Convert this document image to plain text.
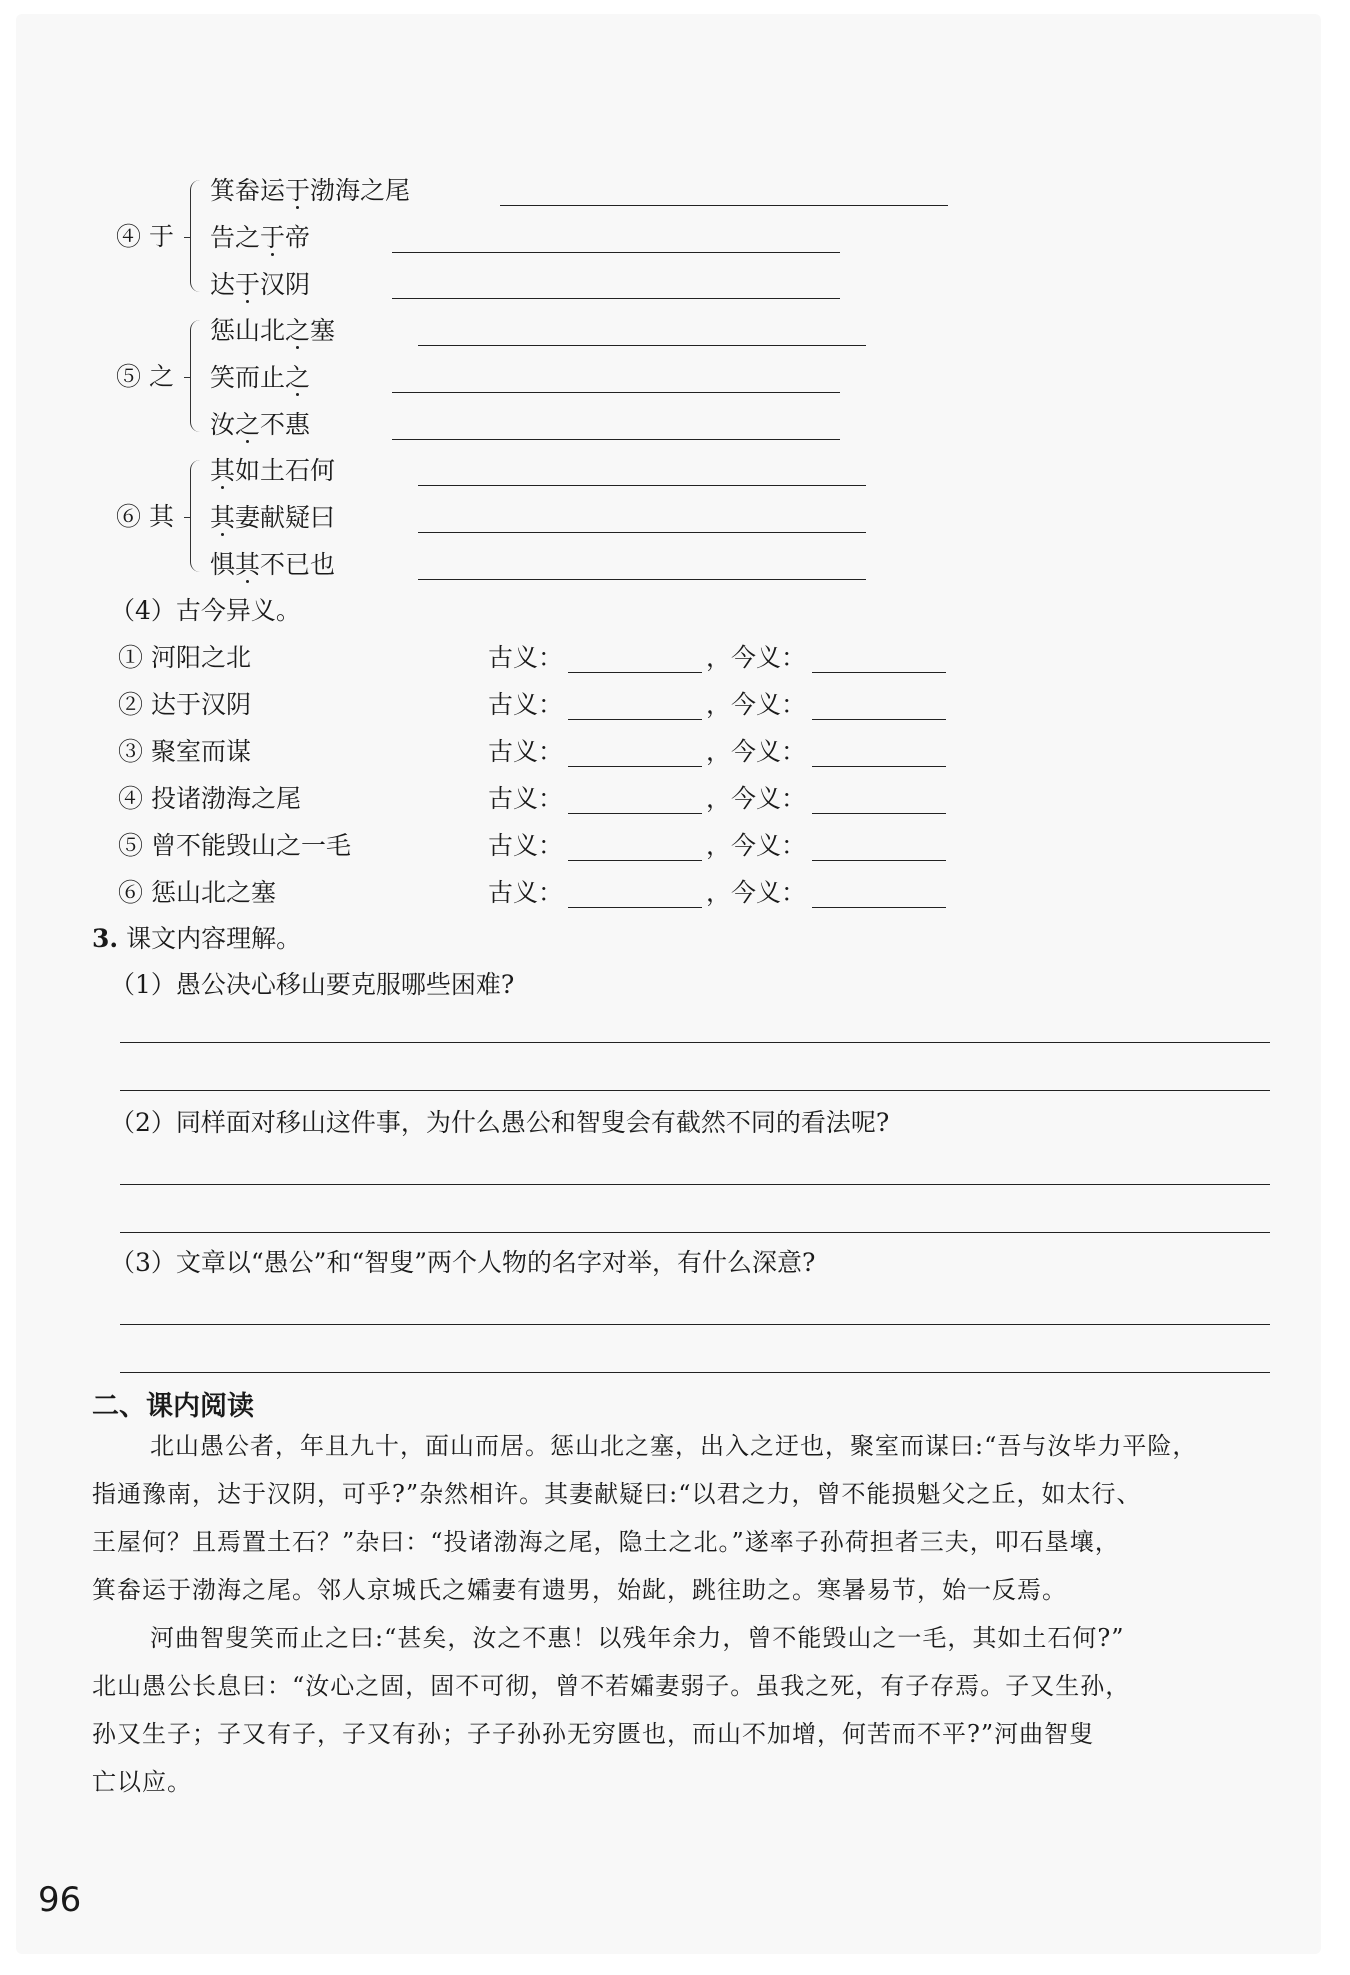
④ 于
箕畚运于渤海之尾
告之于帝
达于汉阴
⑤ 之
惩山北之塞
笑而止之
汝之不惠
⑥ 其
其如土石何
其妻献疑曰
惧其不已也
（4）古今异义。
① 河阳之北	古义：	，今义：
② 达于汉阴	古义：	，今义：
③ 聚室而谋	古义：	，今义：
④ 投诸渤海之尾	古义：	，今义：
⑤ 曾不能毁山之一毛	古义：	，今义：
⑥ 惩山北之塞	古义：	，今义：
3. 课文内容理解。
（1）愚公决心移山要克服哪些困难?
（2）同样面对移山这件事，为什么愚公和智叟会有截然不同的看法呢?
（3）文章以“愚公”和“智叟”两个人物的名字对举，有什么深意?
二、课内阅读
北山愚公者，年且九十，面山而居。惩山北之塞，出入之迂也，聚室而谋曰:“吾与汝毕力平险，
指通豫南，达于汉阴，可乎?”杂然相许。其妻献疑曰:“以君之力，曾不能损魁父之丘，如太行、
王屋何？且焉置土石？”杂曰：“投诸渤海之尾，隐土之北。”遂率子孙荷担者三夫，叩石垦壤，
箕畚运于渤海之尾。邻人京城氏之孀妻有遗男，始龀，跳往助之。寒暑易节，始一反焉。
河曲智叟笑而止之曰:“甚矣，汝之不惠！以残年余力，曾不能毁山之一毛，其如土石何?”
北山愚公长息曰：“汝心之固，固不可彻，曾不若孀妻弱子。虽我之死，有子存焉。子又生孙，
孙又生子；子又有子，子又有孙；子子孙孙无穷匮也，而山不加增，何苦而不平?”河曲智叟
亡以应。
96
